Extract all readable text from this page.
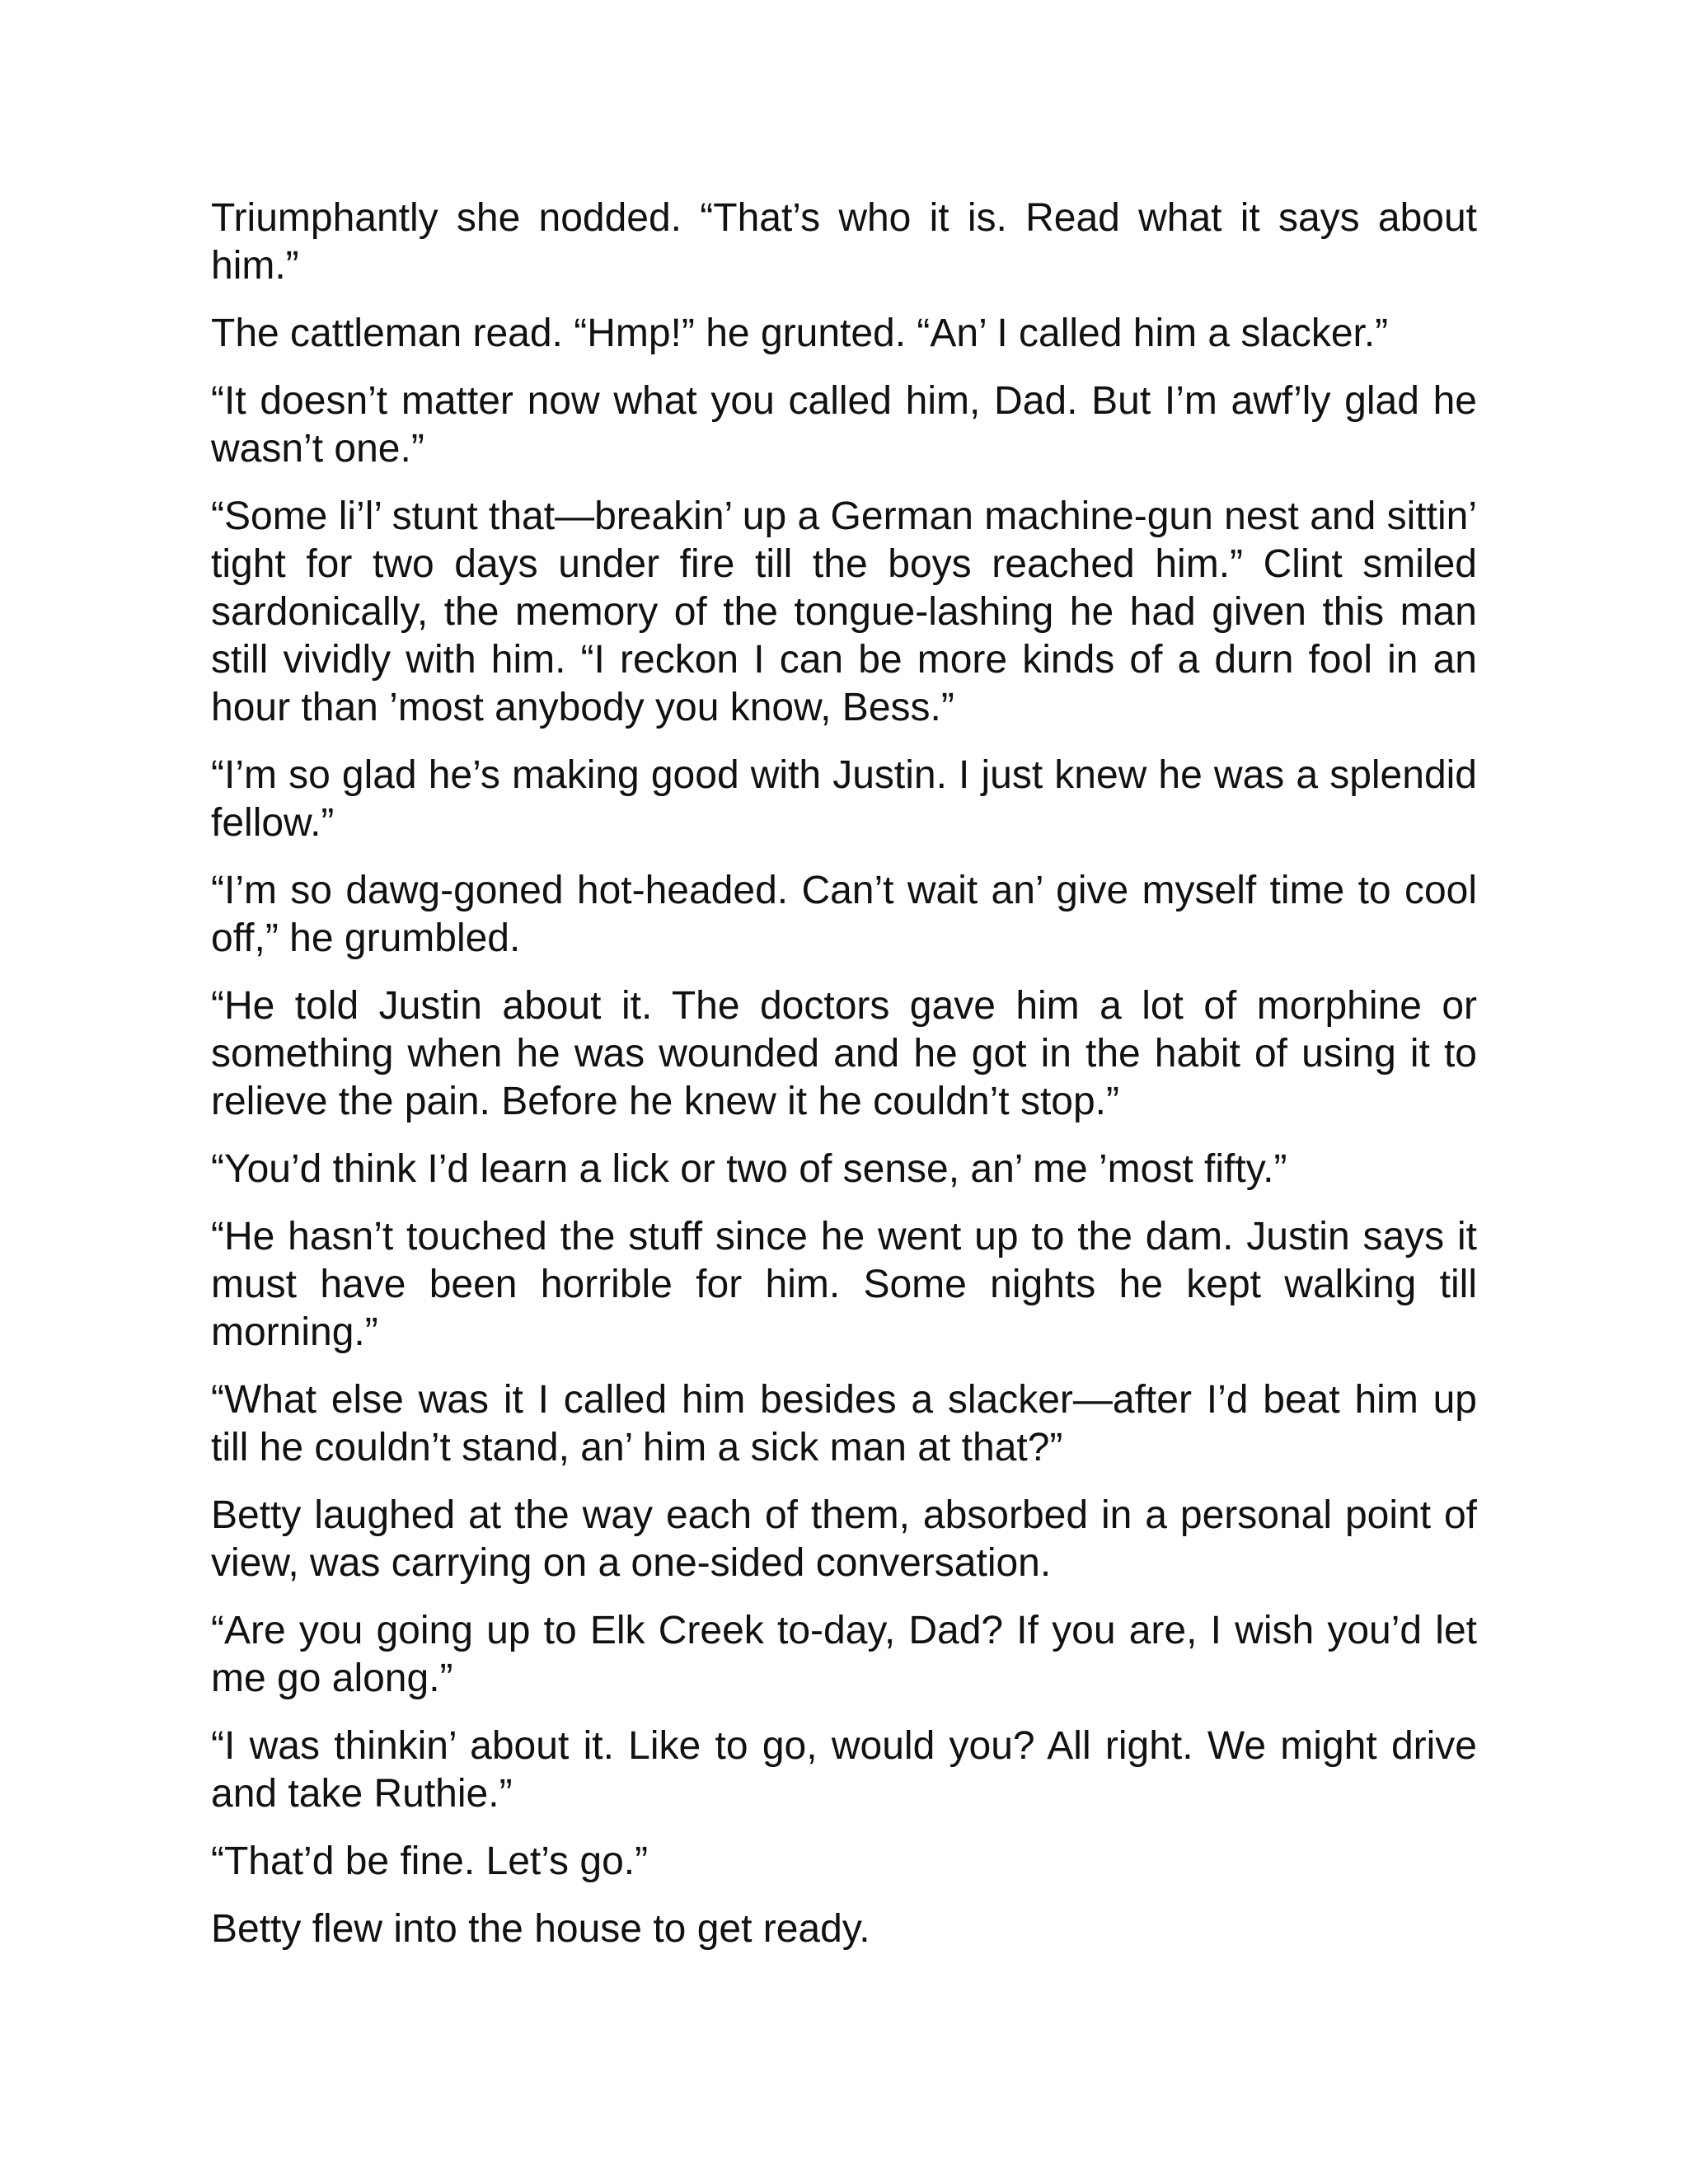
Triumphantly she nodded. “That’s who it is. Read what it says about him.”

The cattleman read. “Hmp!” he grunted. “An’ I called him a slacker.”

“It doesn’t matter now what you called him, Dad. But I’m awf’ly glad he wasn’t one.”

“Some li’l’ stunt that—breakin’ up a German machine-gun nest and sittin’ tight for two days under fire till the boys reached him.” Clint smiled sardonically, the memory of the tongue-lashing he had given this man still vividly with him. “I reckon I can be more kinds of a durn fool in an hour than ’most anybody you know, Bess.”

“I’m so glad he’s making good with Justin. I just knew he was a splendid fellow.”

“I’m so dawg-goned hot-headed. Can’t wait an’ give myself time to cool off,” he grumbled.

“He told Justin about it. The doctors gave him a lot of morphine or something when he was wounded and he got in the habit of using it to relieve the pain. Before he knew it he couldn’t stop.”

“You’d think I’d learn a lick or two of sense, an’ me ’most fifty.”

“He hasn’t touched the stuff since he went up to the dam. Justin says it must have been horrible for him. Some nights he kept walking till morning.”

“What else was it I called him besides a slacker—after I’d beat him up till he couldn’t stand, an’ him a sick man at that?”

Betty laughed at the way each of them, absorbed in a personal point of view, was carrying on a one-sided conversation.

“Are you going up to Elk Creek to-day, Dad? If you are, I wish you’d let me go along.”

“I was thinkin’ about it. Like to go, would you? All right. We might drive and take Ruthie.”

“That’d be fine. Let’s go.”

Betty flew into the house to get ready.
